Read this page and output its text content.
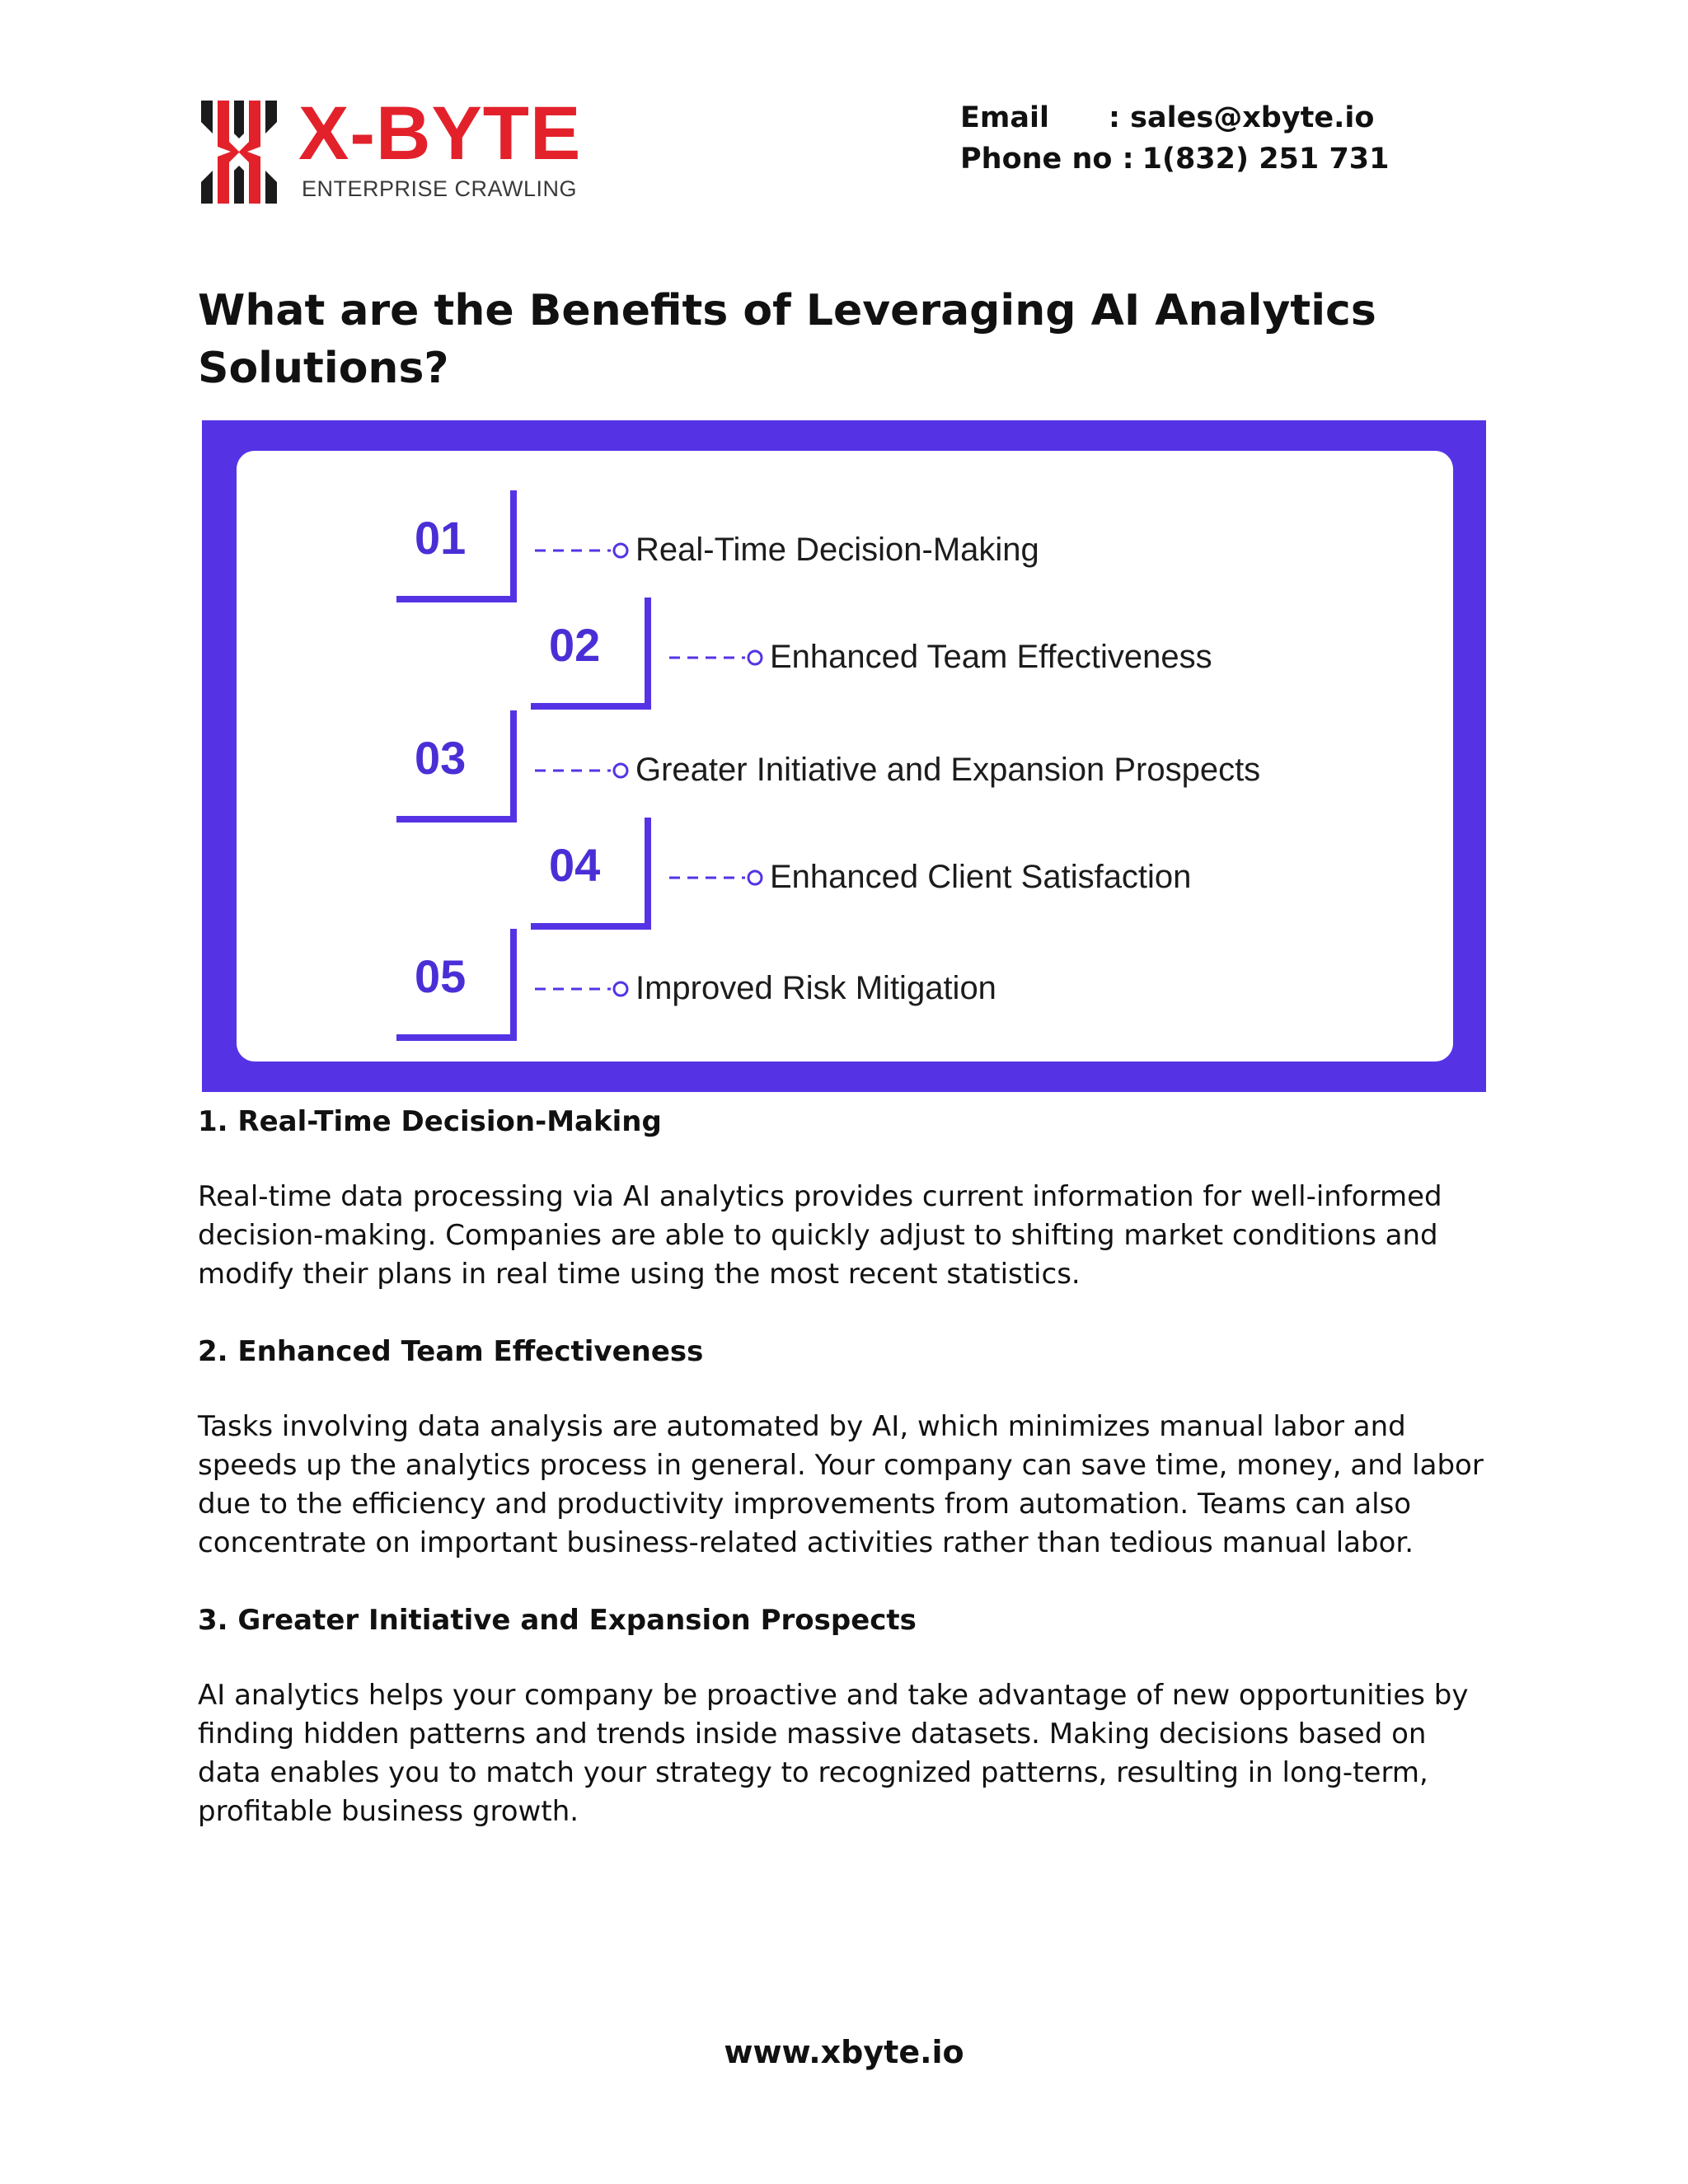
X-BYTE
ENTERPRISE CRAWLING
Email	: sales@xbyte.io
Phone no : 1(832) 251 731
What are the Benefits of Leveraging AI Analytics Solutions?
01	Real-Time Decision-Making
02	Enhanced Team Effectiveness
03	Greater Initiative and Expansion Prospects
04	Enhanced Client Satisfaction
05	Improved Risk Mitigation
1. Real-Time Decision-Making

Real-time data processing via AI analytics provides current information for well-informed decision-making. Companies are able to quickly adjust to shifting market conditions and modify their plans in real time using the most recent statistics.

2. Enhanced Team Effectiveness

Tasks involving data analysis are automated by AI, which minimizes manual labor and speeds up the analytics process in general. Your company can save time, money, and labor due to the efficiency and productivity improvements from automation. Teams can also concentrate on important business-related activities rather than tedious manual labor.

3. Greater Initiative and Expansion Prospects

AI analytics helps your company be proactive and take advantage of new opportunities by finding hidden patterns and trends inside massive datasets. Making decisions based on data enables you to match your strategy to recognized patterns, resulting in long-term, profitable business growth.

www.xbyte.io
